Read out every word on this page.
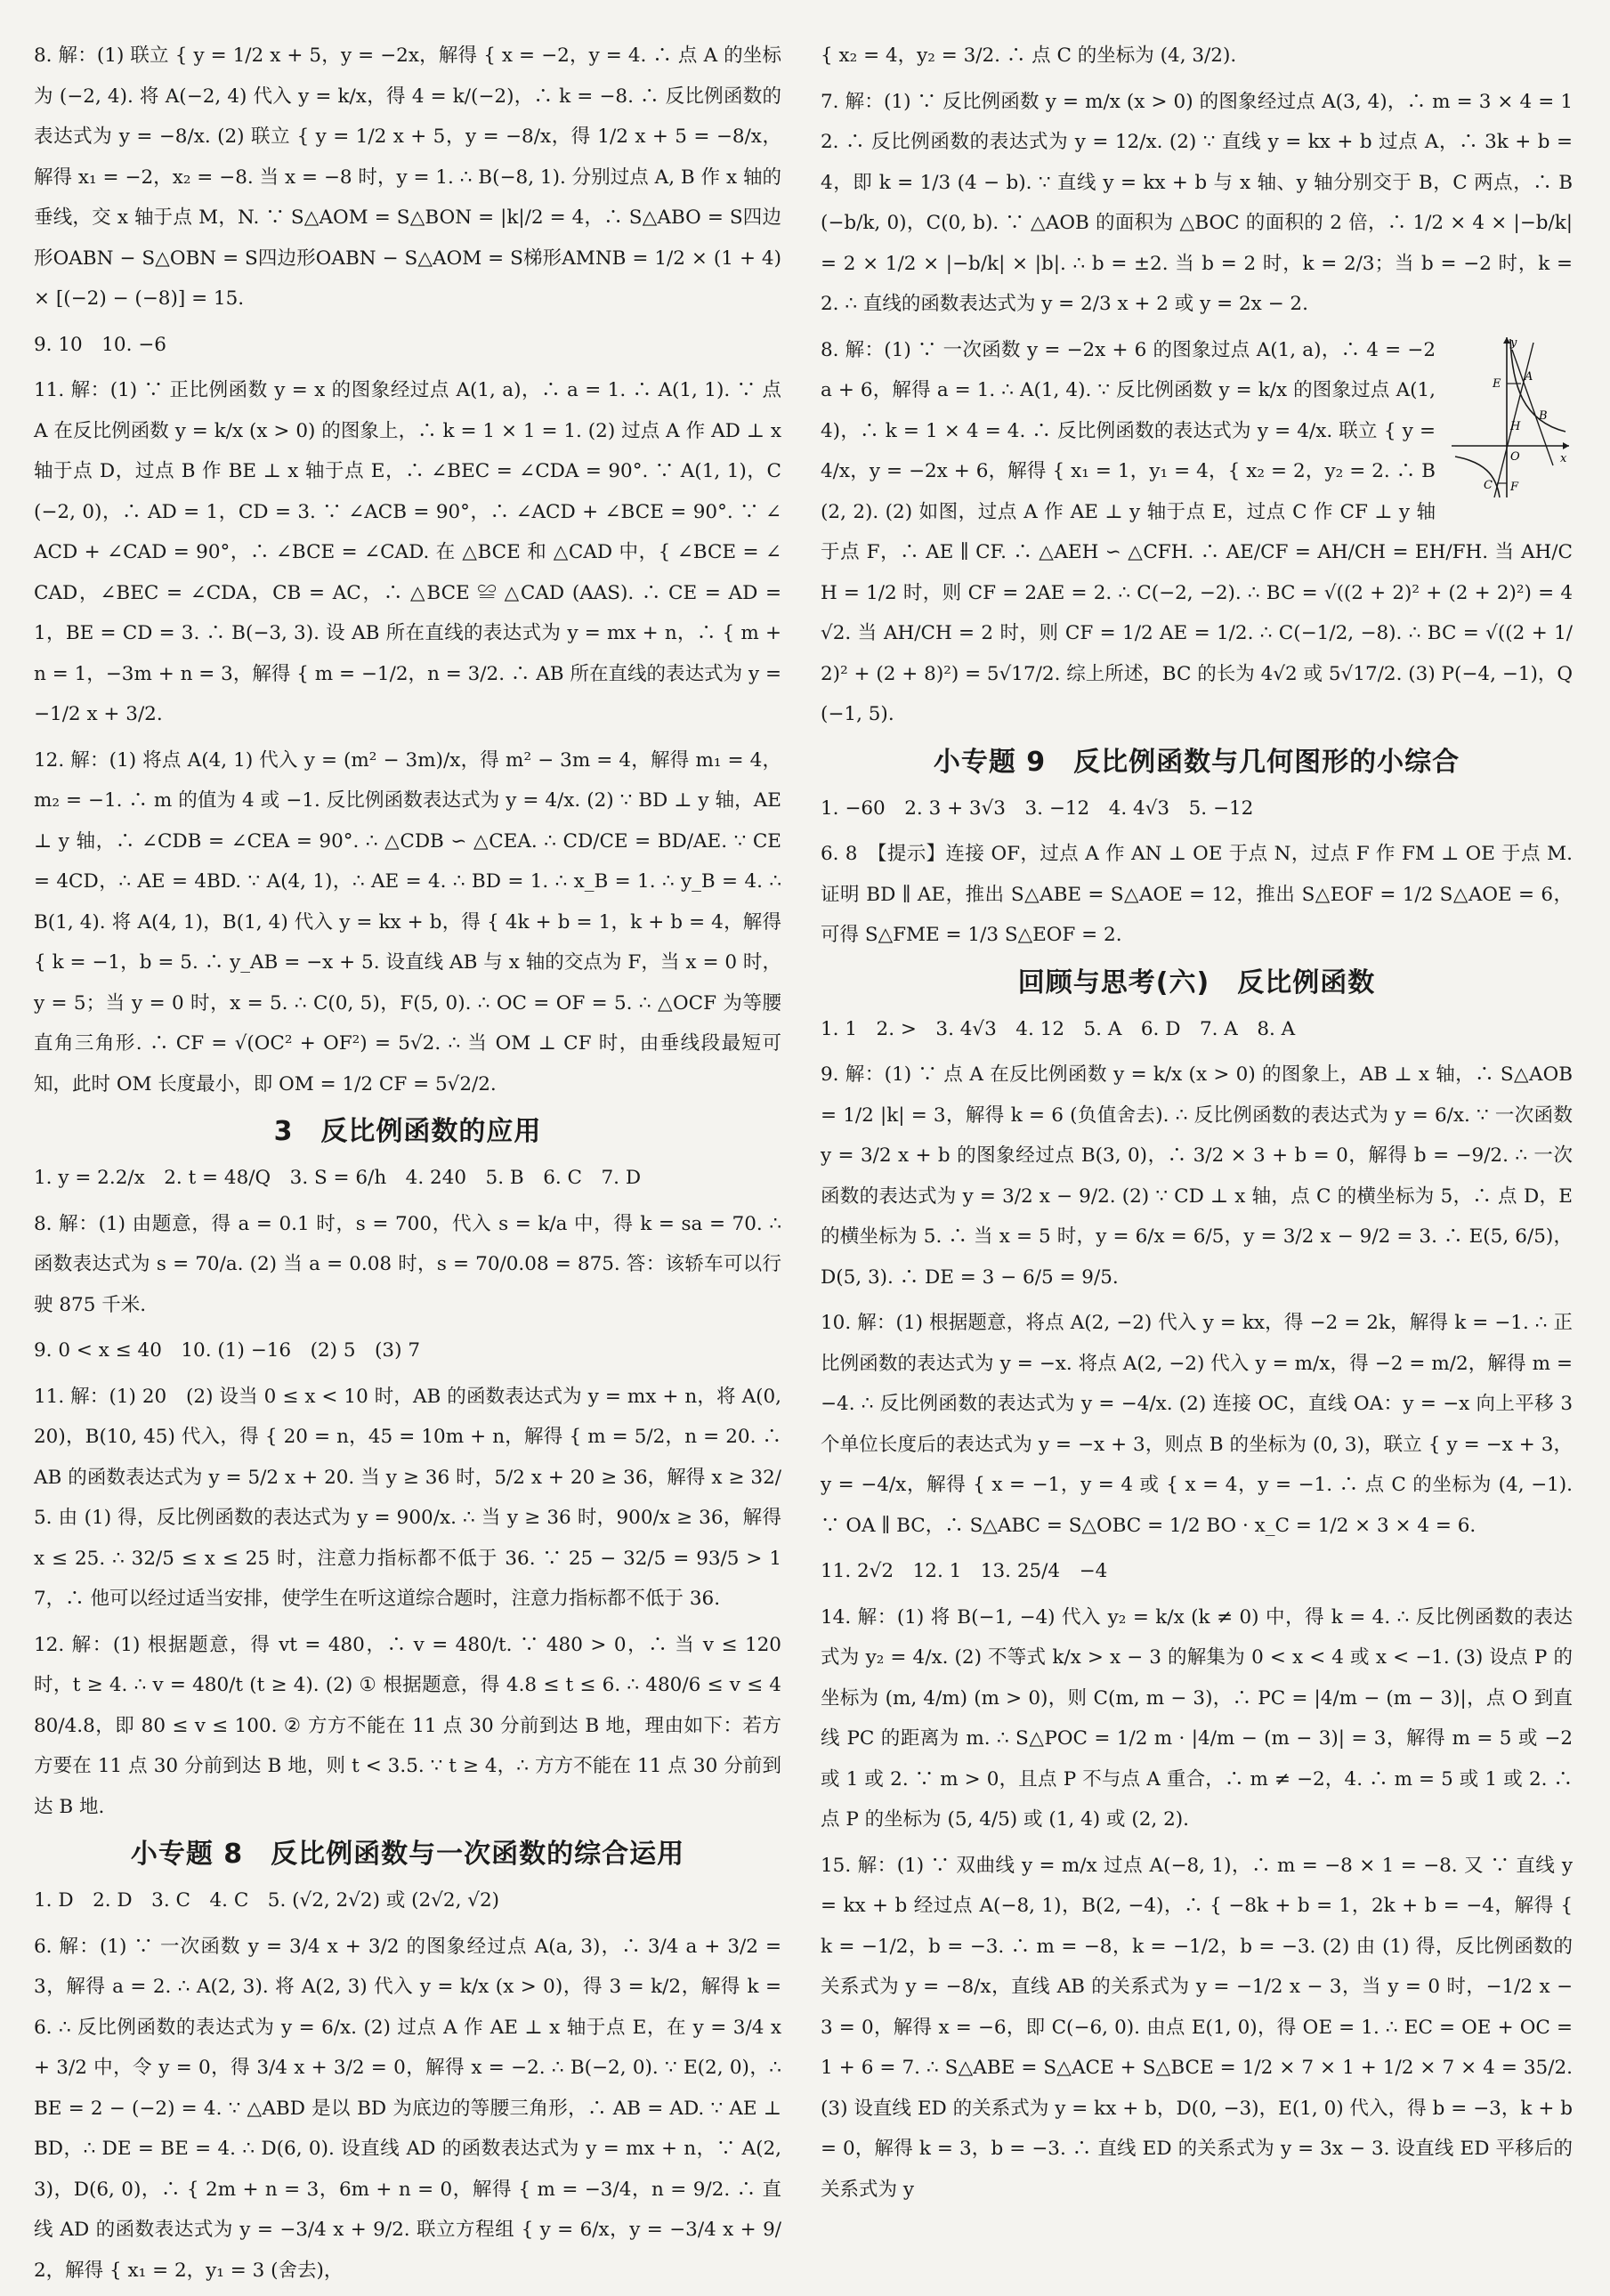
8. 解：(1) 联立 { y = 1/2 x + 5，y = −2x，解得 { x = −2，y = 4. ∴ 点 A 的坐标为 (−2, 4). 将 A(−2, 4) 代入 y = k/x，得 4 = k/(−2)，∴ k = −8. ∴ 反比例函数的表达式为 y = −8/x. (2) 联立 { y = 1/2 x + 5，y = −8/x，得 1/2 x + 5 = −8/x，解得 x₁ = −2，x₂ = −8. 当 x = −8 时，y = 1. ∴ B(−8, 1). 分别过点 A, B 作 x 轴的垂线，交 x 轴于点 M，N. ∵ S△AOM = S△BON = |k|/2 = 4，∴ S△ABO = S四边形OABN − S△OBN = S四边形OABN − S△AOM = S梯形AMNB = 1/2 × (1 + 4) × [(−2) − (−8)] = 15.

9. 10　10. −6

11. 解：(1) ∵ 正比例函数 y = x 的图象经过点 A(1, a)，∴ a = 1. ∴ A(1, 1). ∵ 点 A 在反比例函数 y = k/x (x > 0) 的图象上，∴ k = 1 × 1 = 1. (2) 过点 A 作 AD ⊥ x 轴于点 D，过点 B 作 BE ⊥ x 轴于点 E，∴ ∠BEC = ∠CDA = 90°. ∵ A(1, 1)，C(−2, 0)，∴ AD = 1，CD = 3. ∵ ∠ACB = 90°，∴ ∠ACD + ∠BCE = 90°. ∵ ∠ACD + ∠CAD = 90°，∴ ∠BCE = ∠CAD. 在 △BCE 和 △CAD 中，{ ∠BCE = ∠CAD，∠BEC = ∠CDA，CB = AC，∴ △BCE ≌ △CAD (AAS). ∴ CE = AD = 1，BE = CD = 3. ∴ B(−3, 3). 设 AB 所在直线的表达式为 y = mx + n，∴ { m + n = 1，−3m + n = 3，解得 { m = −1/2，n = 3/2. ∴ AB 所在直线的表达式为 y = −1/2 x + 3/2.

12. 解：(1) 将点 A(4, 1) 代入 y = (m² − 3m)/x，得 m² − 3m = 4，解得 m₁ = 4，m₂ = −1. ∴ m 的值为 4 或 −1. 反比例函数表达式为 y = 4/x. (2) ∵ BD ⊥ y 轴，AE ⊥ y 轴，∴ ∠CDB = ∠CEA = 90°. ∴ △CDB ∽ △CEA. ∴ CD/CE = BD/AE. ∵ CE = 4CD，∴ AE = 4BD. ∵ A(4, 1)，∴ AE = 4. ∴ BD = 1. ∴ x_B = 1. ∴ y_B = 4. ∴ B(1, 4). 将 A(4, 1)，B(1, 4) 代入 y = kx + b，得 { 4k + b = 1，k + b = 4，解得 { k = −1，b = 5. ∴ y_AB = −x + 5. 设直线 AB 与 x 轴的交点为 F，当 x = 0 时，y = 5；当 y = 0 时，x = 5. ∴ C(0, 5)，F(5, 0). ∴ OC = OF = 5. ∴ △OCF 为等腰直角三角形. ∴ CF = √(OC² + OF²) = 5√2. ∴ 当 OM ⊥ CF 时，由垂线段最短可知，此时 OM 长度最小，即 OM = 1/2 CF = 5√2/2.

3　反比例函数的应用

1. y = 2.2/x　2. t = 48/Q　3. S = 6/h　4. 240　5. B　6. C　7. D

8. 解：(1) 由题意，得 a = 0.1 时，s = 700，代入 s = k/a 中，得 k = sa = 70. ∴ 函数表达式为 s = 70/a. (2) 当 a = 0.08 时，s = 70/0.08 = 875. 答：该轿车可以行驶 875 千米.

9. 0 < x ≤ 40　10. (1) −16　(2) 5　(3) 7

11. 解：(1) 20　(2) 设当 0 ≤ x < 10 时，AB 的函数表达式为 y = mx + n，将 A(0, 20)，B(10, 45) 代入，得 { 20 = n，45 = 10m + n，解得 { m = 5/2，n = 20. ∴ AB 的函数表达式为 y = 5/2 x + 20. 当 y ≥ 36 时，5/2 x + 20 ≥ 36，解得 x ≥ 32/5. 由 (1) 得，反比例函数的表达式为 y = 900/x. ∴ 当 y ≥ 36 时，900/x ≥ 36，解得 x ≤ 25. ∴ 32/5 ≤ x ≤ 25 时，注意力指标都不低于 36. ∵ 25 − 32/5 = 93/5 > 17，∴ 他可以经过适当安排，使学生在听这道综合题时，注意力指标都不低于 36.

12. 解：(1) 根据题意，得 vt = 480，∴ v = 480/t. ∵ 480 > 0，∴ 当 v ≤ 120 时，t ≥ 4. ∴ v = 480/t (t ≥ 4). (2) ① 根据题意，得 4.8 ≤ t ≤ 6. ∴ 480/6 ≤ v ≤ 480/4.8，即 80 ≤ v ≤ 100. ② 方方不能在 11 点 30 分前到达 B 地，理由如下：若方方要在 11 点 30 分前到达 B 地，则 t < 3.5. ∵ t ≥ 4，∴ 方方不能在 11 点 30 分前到达 B 地.

小专题 8　反比例函数与一次函数的综合运用

1. D　2. D　3. C　4. C　5. (√2, 2√2) 或 (2√2, √2)

6. 解：(1) ∵ 一次函数 y = 3/4 x + 3/2 的图象经过点 A(a, 3)，∴ 3/4 a + 3/2 = 3，解得 a = 2. ∴ A(2, 3). 将 A(2, 3) 代入 y = k/x (x > 0)，得 3 = k/2，解得 k = 6. ∴ 反比例函数的表达式为 y = 6/x. (2) 过点 A 作 AE ⊥ x 轴于点 E，在 y = 3/4 x + 3/2 中，令 y = 0，得 3/4 x + 3/2 = 0，解得 x = −2. ∴ B(−2, 0). ∵ E(2, 0)，∴ BE = 2 − (−2) = 4. ∵ △ABD 是以 BD 为底边的等腰三角形，∴ AB = AD. ∵ AE ⊥ BD，∴ DE = BE = 4. ∴ D(6, 0). 设直线 AD 的函数表达式为 y = mx + n，∵ A(2, 3)，D(6, 0)，∴ { 2m + n = 3，6m + n = 0，解得 { m = −3/4，n = 9/2. ∴ 直线 AD 的函数表达式为 y = −3/4 x + 9/2. 联立方程组 { y = 6/x，y = −3/4 x + 9/2，解得 { x₁ = 2，y₁ = 3 (舍去)，

{ x₂ = 4，y₂ = 3/2. ∴ 点 C 的坐标为 (4, 3/2).

7. 解：(1) ∵ 反比例函数 y = m/x (x > 0) 的图象经过点 A(3, 4)，∴ m = 3 × 4 = 12. ∴ 反比例函数的表达式为 y = 12/x. (2) ∵ 直线 y = kx + b 过点 A，∴ 3k + b = 4，即 k = 1/3 (4 − b). ∵ 直线 y = kx + b 与 x 轴、y 轴分别交于 B，C 两点，∴ B(−b/k, 0)，C(0, b). ∵ △AOB 的面积为 △BOC 的面积的 2 倍，∴ 1/2 × 4 × |−b/k| = 2 × 1/2 × |−b/k| × |b|. ∴ b = ±2. 当 b = 2 时，k = 2/3；当 b = −2 时，k = 2. ∴ 直线的函数表达式为 y = 2/3 x + 2 或 y = 2x − 2.

y
x
O
A
B
E
H
C F

8. 解：(1) ∵ 一次函数 y = −2x + 6 的图象过点 A(1, a)，∴ 4 = −2a + 6，解得 a = 1. ∴ A(1, 4). ∵ 反比例函数 y = k/x 的图象过点 A(1, 4)，∴ k = 1 × 4 = 4. ∴ 反比例函数的表达式为 y = 4/x. 联立 { y = 4/x，y = −2x + 6，解得 { x₁ = 1，y₁ = 4，{ x₂ = 2，y₂ = 2. ∴ B(2, 2). (2) 如图，过点 A 作 AE ⊥ y 轴于点 E，过点 C 作 CF ⊥ y 轴于点 F，∴ AE ∥ CF. ∴ △AEH ∽ △CFH. ∴ AE/CF = AH/CH = EH/FH. 当 AH/CH = 1/2 时，则 CF = 2AE = 2. ∴ C(−2, −2). ∴ BC = √((2 + 2)² + (2 + 2)²) = 4√2. 当 AH/CH = 2 时，则 CF = 1/2 AE = 1/2. ∴ C(−1/2, −8). ∴ BC = √((2 + 1/2)² + (2 + 8)²) = 5√17/2. 综上所述，BC 的长为 4√2 或 5√17/2. (3) P(−4, −1)，Q(−1, 5).

小专题 9　反比例函数与几何图形的小综合

1. −60　2. 3 + 3√3　3. −12　4. 4√3　5. −12

6. 8　【提示】连接 OF，过点 A 作 AN ⊥ OE 于点 N，过点 F 作 FM ⊥ OE 于点 M. 证明 BD ∥ AE，推出 S△ABE = S△AOE = 12，推出 S△EOF = 1/2 S△AOE = 6，可得 S△FME = 1/3 S△EOF = 2.

回顾与思考(六)　反比例函数

1. 1　2. >　3. 4√3　4. 12　5. A　6. D　7. A　8. A

9. 解：(1) ∵ 点 A 在反比例函数 y = k/x (x > 0) 的图象上，AB ⊥ x 轴，∴ S△AOB = 1/2 |k| = 3，解得 k = 6 (负值舍去). ∴ 反比例函数的表达式为 y = 6/x. ∵ 一次函数 y = 3/2 x + b 的图象经过点 B(3, 0)，∴ 3/2 × 3 + b = 0，解得 b = −9/2. ∴ 一次函数的表达式为 y = 3/2 x − 9/2. (2) ∵ CD ⊥ x 轴，点 C 的横坐标为 5，∴ 点 D，E 的横坐标为 5. ∴ 当 x = 5 时，y = 6/x = 6/5，y = 3/2 x − 9/2 = 3. ∴ E(5, 6/5)，D(5, 3). ∴ DE = 3 − 6/5 = 9/5.

10. 解：(1) 根据题意，将点 A(2, −2) 代入 y = kx，得 −2 = 2k，解得 k = −1. ∴ 正比例函数的表达式为 y = −x. 将点 A(2, −2) 代入 y = m/x，得 −2 = m/2，解得 m = −4. ∴ 反比例函数的表达式为 y = −4/x. (2) 连接 OC，直线 OA：y = −x 向上平移 3 个单位长度后的表达式为 y = −x + 3，则点 B 的坐标为 (0, 3)，联立 { y = −x + 3，y = −4/x，解得 { x = −1，y = 4 或 { x = 4，y = −1. ∴ 点 C 的坐标为 (4, −1). ∵ OA ∥ BC，∴ S△ABC = S△OBC = 1/2 BO · x_C = 1/2 × 3 × 4 = 6.

11. 2√2　12. 1　13. 25/4　−4

14. 解：(1) 将 B(−1, −4) 代入 y₂ = k/x (k ≠ 0) 中，得 k = 4. ∴ 反比例函数的表达式为 y₂ = 4/x. (2) 不等式 k/x > x − 3 的解集为 0 < x < 4 或 x < −1. (3) 设点 P 的坐标为 (m, 4/m) (m > 0)，则 C(m, m − 3)，∴ PC = |4/m − (m − 3)|，点 O 到直线 PC 的距离为 m. ∴ S△POC = 1/2 m · |4/m − (m − 3)| = 3，解得 m = 5 或 −2 或 1 或 2. ∵ m > 0，且点 P 不与点 A 重合，∴ m ≠ −2，4. ∴ m = 5 或 1 或 2. ∴ 点 P 的坐标为 (5, 4/5) 或 (1, 4) 或 (2, 2).

15. 解：(1) ∵ 双曲线 y = m/x 过点 A(−8, 1)，∴ m = −8 × 1 = −8. 又 ∵ 直线 y = kx + b 经过点 A(−8, 1)，B(2, −4)，∴ { −8k + b = 1，2k + b = −4，解得 { k = −1/2，b = −3. ∴ m = −8，k = −1/2，b = −3. (2) 由 (1) 得，反比例函数的关系式为 y = −8/x，直线 AB 的关系式为 y = −1/2 x − 3，当 y = 0 时，−1/2 x − 3 = 0，解得 x = −6，即 C(−6, 0). 由点 E(1, 0)，得 OE = 1. ∴ EC = OE + OC = 1 + 6 = 7. ∴ S△ABE = S△ACE + S△BCE = 1/2 × 7 × 1 + 1/2 × 7 × 4 = 35/2. (3) 设直线 ED 的关系式为 y = kx + b，D(0, −3)，E(1, 0) 代入，得 b = −3，k + b = 0，解得 k = 3，b = −3. ∴ 直线 ED 的关系式为 y = 3x − 3. 设直线 ED 平移后的关系式为 y
